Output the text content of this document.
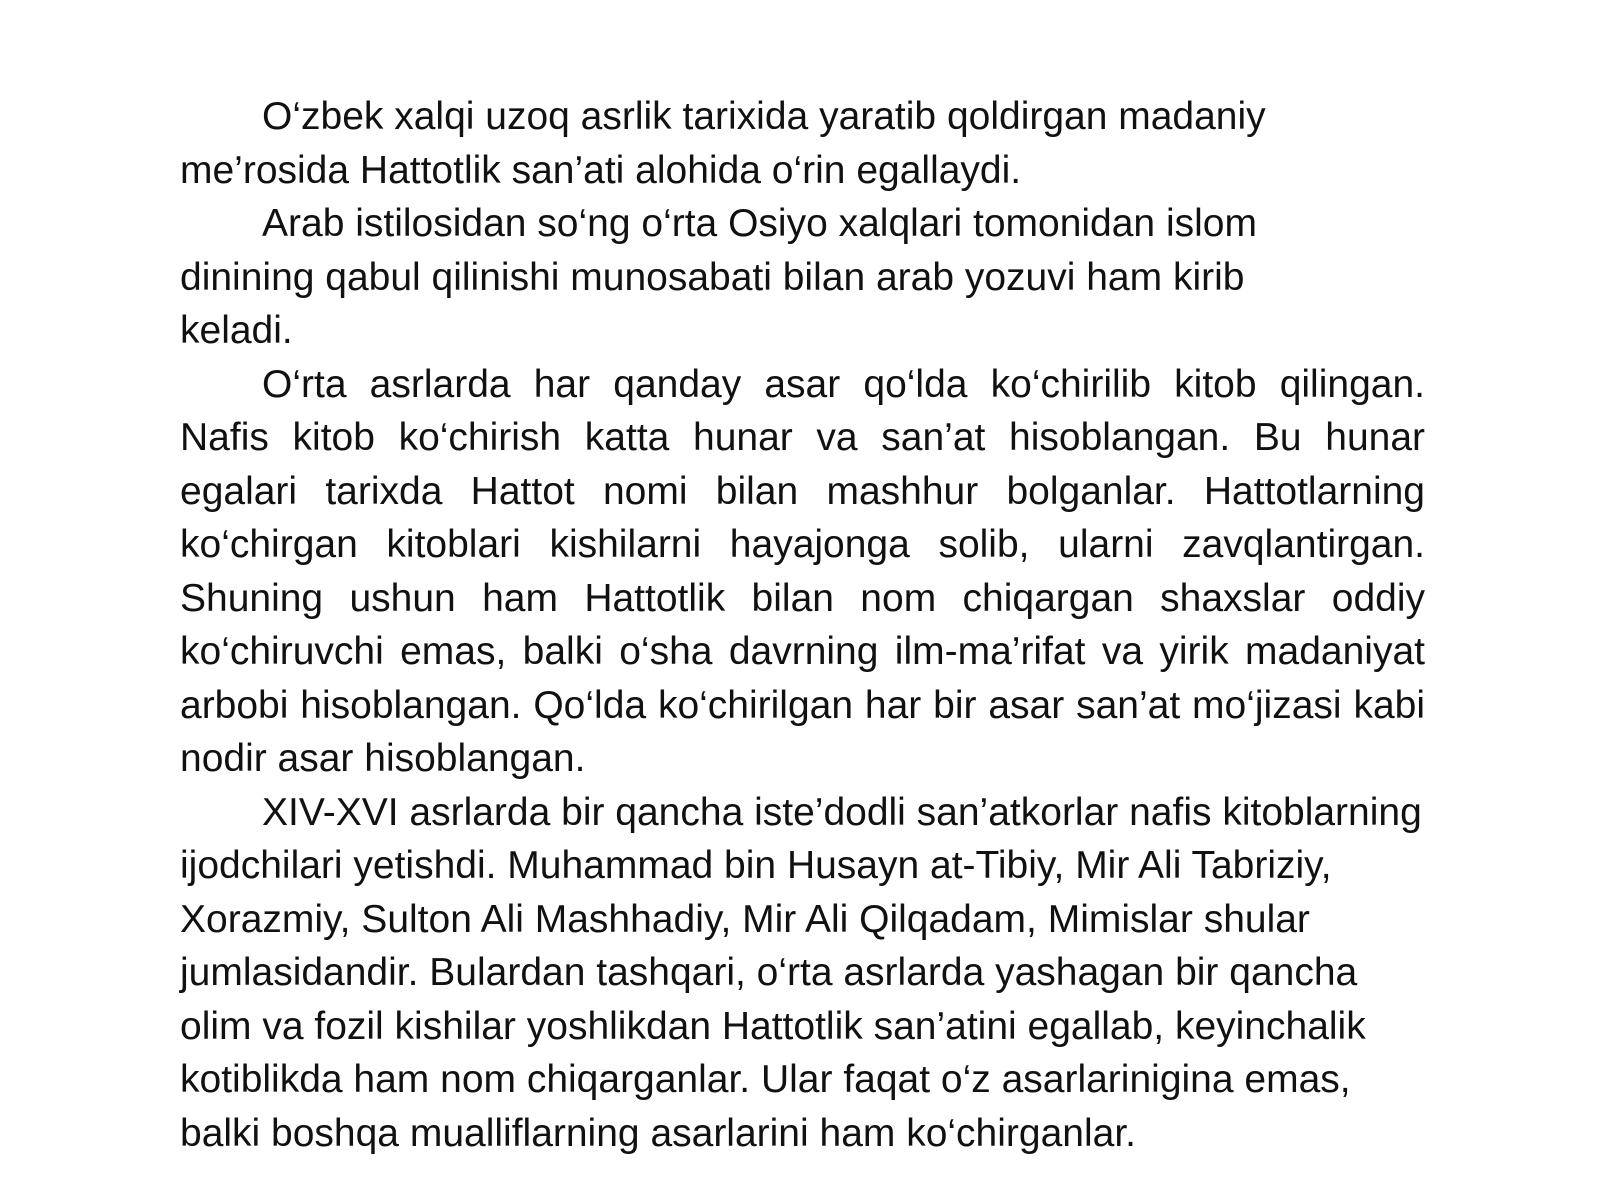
O‘zbek xalqi uzoq asrlik tarixida yaratib qoldirgan madaniy me’rosida Hattotlik san’ati alohida o‘rin egallaydi.

Arab istilosidan so‘ng o‘rta Osiyo xalqlari tomonidan islom dinining qabul qilinishi munosabati bilan arab yozuvi ham kirib keladi.

O‘rta asrlarda har qanday asar qo‘lda ko‘chirilib kitob qilingan. Nafis kitob ko‘chirish katta hunar va san’at hisoblangan. Bu hunar egalari tarixda Hattot nomi bilan mashhur bolganlar. Hattotlarning ko‘chirgan kitoblari kishilarni hayajonga solib, ularni zavqlantirgan. Shuning ushun ham Hattotlik bilan nom chiqargan shaxslar oddiy ko‘chiruvchi emas, balki o‘sha davrning ilm-ma’rifat va yirik madaniyat arbobi hisoblangan. Qo‘lda ko‘chirilgan har bir asar san’at mo‘jizasi kabi nodir asar hisoblangan.

XIV-XVI asrlarda bir qancha iste’dodli san’atkorlar nafis kitoblarning ijodchilari yetishdi. Muhammad bin Husayn at-Tibiy, Mir Ali Tabriziy, Xorazmiy, Sulton Ali Mashhadiy, Mir Ali Qilqadam, Mimislar shular jumlasidandir. Bulardan tashqari, o‘rta asrlarda yashagan bir qancha olim va fozil kishilar yoshlikdan Hattotlik san’atini egallab, keyinchalik kotiblikda ham nom chiqarganlar. Ular faqat o‘z asarlarinigina emas, balki boshqa mualliflarning asarlarini ham ko‘chirganlar.
